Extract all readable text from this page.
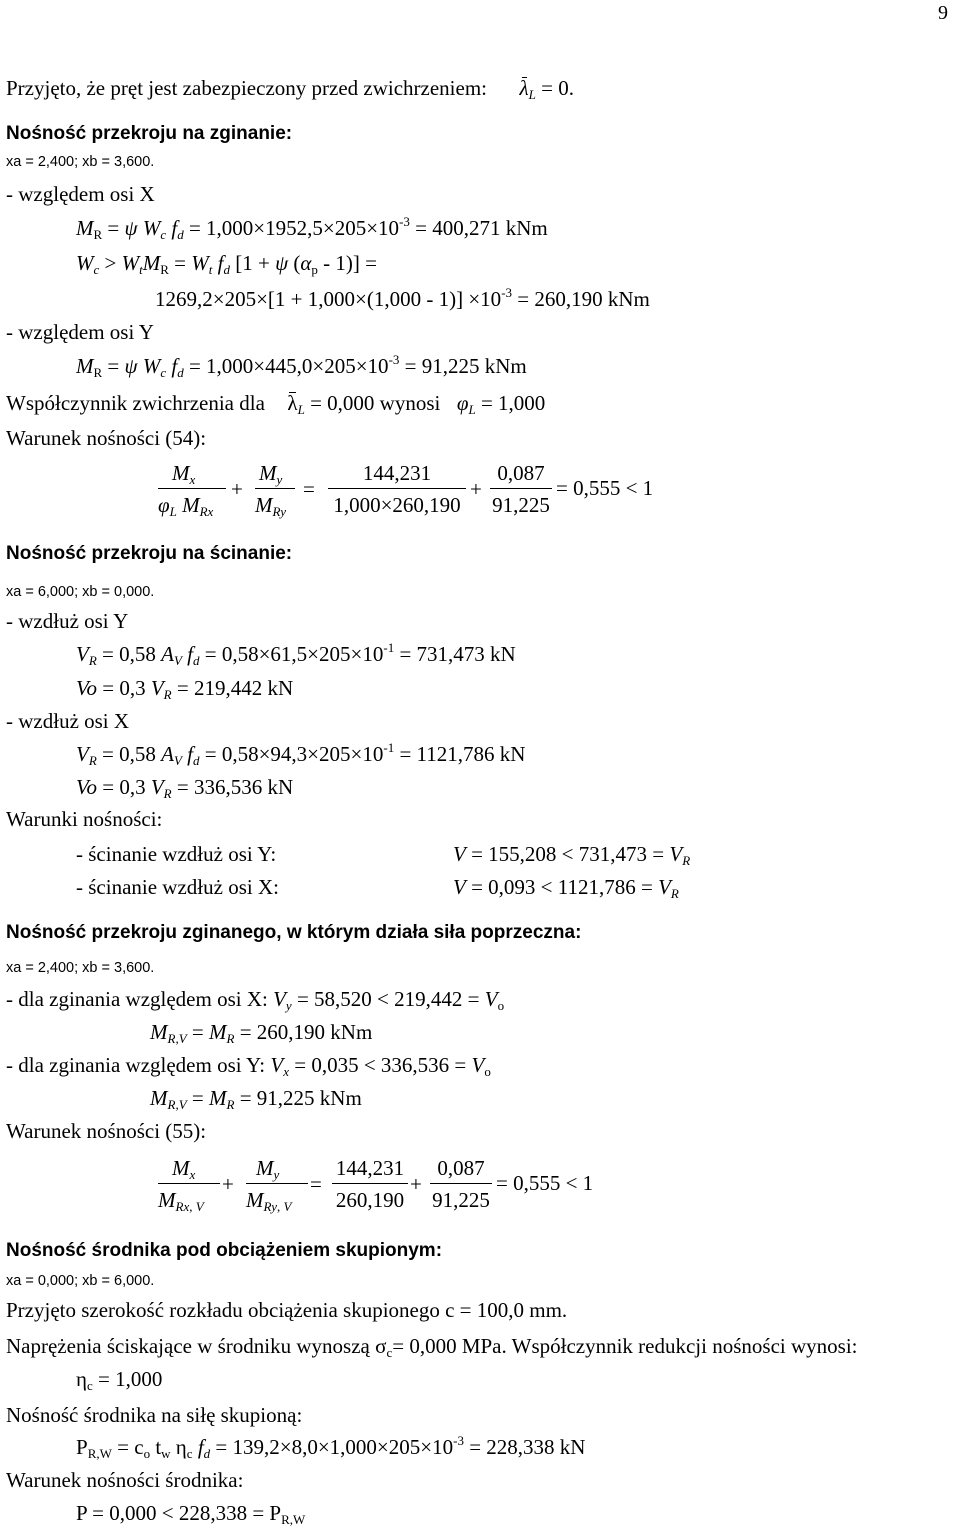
9
Przyjęto, że pręt jest zabezpieczony przed zwichrzeniem: $\lambda_L = 0$.
Nośność przekroju na zginanie:
xa = 2,400; xb = 3,600.
- względem osi X
$M_R = \psi$ $W_c$ $f_d = 1,000\times 1952,5\times 205\times 10^{-3} = 400,271$ kNm
$W_c > W_tM_R = W_t$ $f_d$ [1 + ψ $(\alpha_p - 1)$] =
$1269,2\times 205\times[1 + 1,000\times(1,000 - 1)] \times 10^{-3} = 260,190$ kNm
- względem osi Y
$M_R = \psi$ $W_c$ $f_d = 1,000\times 445,0\times 205\times 10^{-3} = 91,225$ kNm
Współczynnik zwichrzenia dla $\lambda_L = 0,000$ wynosi $\varphi_L = 1,000$
Warunek nośności (54):
$M_x$
$\varphi_L$ $M_{Rx}$
+
$M_y$
$M_{Ry}$
=
144,231
1,000×260,190
+
0,087
91,225
= 0,555 < 1
Nośność przekroju na ścinanie:
xa = 6,000; xb = 0,000.
- wzdłuż osi Y
$V_R = 0,58$ $A_V$ $f_d = 0,58\times 61,5\times 205\times 10^{-1} = 731,473$ kN
Vo = 0,3 $V_R = 219,442$ kN
- wzdłuż osi X
$V_R = 0,58$ $A_V$ $f_d = 0,58\times 94,3\times 205\times 10^{-1} = 1121,786$ kN
Vo = 0,3 $V_R = 336,536$ kN
Warunki nośności:
- ścinanie wzdłuż osi Y:	$V = 155,208 < 731,473 = V_R$
- ścinanie wzdłuż osi X:	$V = 0,093 < 1121,786 = V_R$
Nośność przekroju zginanego, w którym działa siła poprzeczna:
xa = 2,400; xb = 3,600.
- dla zginania względem osi X: $V_y = 58,520 < 219,442 = V_o$
$M_{R,V} = M_R = 260,190$ kNm
- dla zginania względem osi Y: $V_x = 0,035 < 336,536 = V_o$
$M_{R,V} = M_R = 91,225$ kNm
Warunek nośności (55):
$M_x$
$M_{Rx, V}$
+
$M_y$
$M_{Ry, V}$
=
144,231
260,190
+
0,087
91,225
= 0,555 < 1
Nośność środnika pod obciążeniem skupionym:
xa = 0,000; xb = 6,000.
Przyjęto szerokość rozkładu obciążenia skupionego c = 100,0 mm.
Naprężenia ściskające w środniku wynoszą $\sigma_c= 0,000$ MPa. Współczynnik redukcji nośności wynosi:
$\eta_c = 1,000$
Nośność środnika na siłę skupioną:
$P_{R,W} = c_o$ $t_w$ $\eta_c$ $f_d = 139,2\times 8,0\times 1,000\times 205\times 10^{-3} = 228,338$ kN
Warunek nośności środnika:
$P = 0,000 < 228,338 = P_{R,W}$
